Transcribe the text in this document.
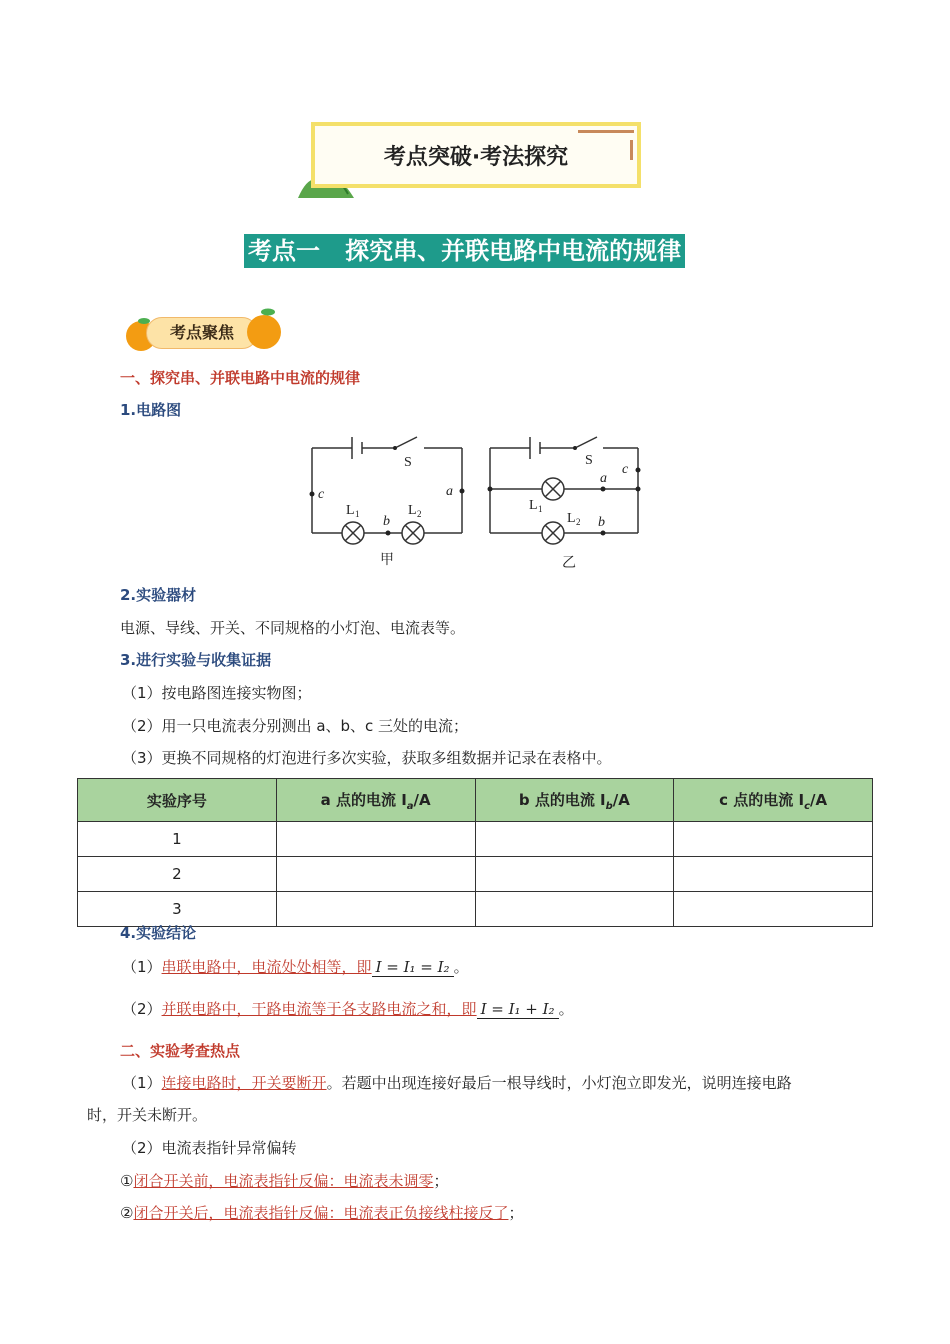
考点突破·考法探究
考点一   探究串、并联电路中电流的规律
考点聚焦
一、探究串、并联电路中电流的规律
1.电路图
S
c	a
b
L 1	L 2
甲
S
c
a
b
L 1
L 2
乙
2.实验器材
电源、导线、开关、不同规格的小灯泡、电流表等。
3.进行实验与收集证据
（1）按电路图连接实物图；
（2）用一只电流表分别测出 a、b、c 三处的电流；
（3）更换不同规格的灯泡进行多次实验，获取多组数据并记录在表格中。
实验序号	a 点的电流 $I_a/A$	b 点的电流 $I_b/A$	c 点的电流 $I_c/A$
1			
2			
3			
4.实验结论
（1）串联电路中，电流处处相等，即 I = I₁ = I₂ 。
（2）并联电路中，干路电流等于各支路电流之和，即 I = I₁ + I₂ 。
二、实验考查热点
（1）连接电路时，开关要断开。若题中出现连接好最后一根导线时，小灯泡立即发光，说明连接电路
时，开关未断开。
（2）电流表指针异常偏转
①闭合开关前，电流表指针反偏：电流表未调零；
②闭合开关后，电流表指针反偏：电流表正负接线柱接反了；
